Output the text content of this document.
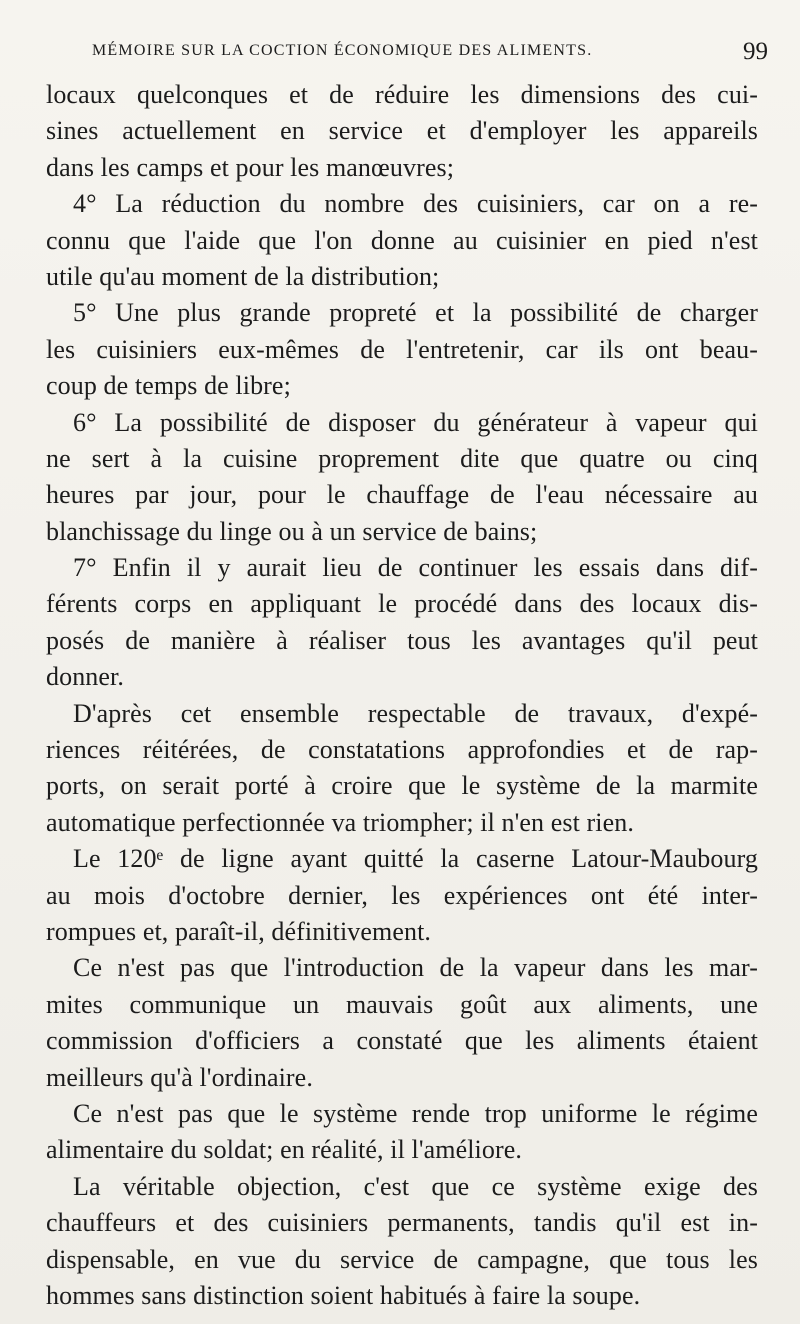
MÉMOIRE SUR LA COCTION ÉCONOMIQUE DES ALIMENTS.	99
locaux quelconques et de réduire les dimensions des cui-
sines actuellement en service et d'employer les appareils
dans les camps et pour les manœuvres;
4° La réduction du nombre des cuisiniers, car on a re-
connu que l'aide que l'on donne au cuisinier en pied n'est
utile qu'au moment de la distribution;
5° Une plus grande propreté et la possibilité de charger
les cuisiniers eux-mêmes de l'entretenir, car ils ont beau-
coup de temps de libre;
6° La possibilité de disposer du générateur à vapeur qui
ne sert à la cuisine proprement dite que quatre ou cinq
heures par jour, pour le chauffage de l'eau nécessaire au
blanchissage du linge ou à un service de bains;
7° Enfin il y aurait lieu de continuer les essais dans dif-
férents corps en appliquant le procédé dans des locaux dis-
posés de manière à réaliser tous les avantages qu'il peut
donner.
D'après cet ensemble respectable de travaux, d'expé-
riences réitérées, de constatations approfondies et de rap-
ports, on serait porté à croire que le système de la marmite
automatique perfectionnée va triompher; il n'en est rien.
Le 120ᵉ de ligne ayant quitté la caserne Latour-Maubourg
au mois d'octobre dernier, les expériences ont été inter-
rompues et, paraît-il, définitivement.
Ce n'est pas que l'introduction de la vapeur dans les mar-
mites communique un mauvais goût aux aliments, une
commission d'officiers a constaté que les aliments étaient
meilleurs qu'à l'ordinaire.
Ce n'est pas que le système rende trop uniforme le régime
alimentaire du soldat; en réalité, il l'améliore.
La véritable objection, c'est que ce système exige des
chauffeurs et des cuisiniers permanents, tandis qu'il est in-
dispensable, en vue du service de campagne, que tous les
hommes sans distinction soient habitués à faire la soupe.
